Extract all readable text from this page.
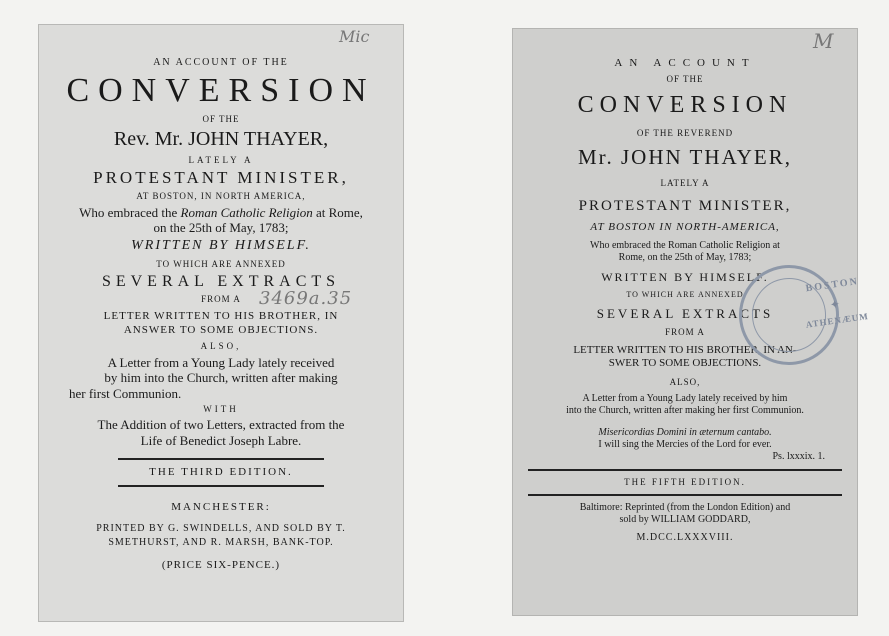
Mic
AN ACCOUNT OF THE
CONVERSION
OF THE
Rev. Mr. JOHN THAYER,
LATELY A
PROTESTANT MINISTER,
AT BOSTON, IN NORTH AMERICA,
Who embraced the Roman Catholic Religion at Rome,
on the 25th of May, 1783;
WRITTEN BY HIMSELF.
TO WHICH ARE ANNEXED
SEVERAL EXTRACTS
FROM A 3469a.35
LETTER WRITTEN TO HIS BROTHER, IN
ANSWER TO SOME OBJECTIONS.
ALSO,
A Letter from a Young Lady lately received
by him into the Church, written after making
her first Communion.
WITH
The Addition of two Letters, extracted from the
Life of Benedict Joseph Labre.
THE THIRD EDITION.
MANCHESTER:
PRINTED BY G. SWINDELLS, AND SOLD BY T.
SMETHURST, AND R. MARSH, BANK-TOP.
(PRICE SIX-PENCE.)
M
AN ACCOUNT
OF THE
CONVERSION
OF THE REVEREND
Mr. JOHN THAYER,
LATELY A
PROTESTANT MINISTER,
AT BOSTON IN NORTH-AMERICA,
Who embraced the Roman Catholic Religion at
Rome, on the 25th of May, 1783;
WRITTEN BY HIMSELF.
TO WHICH ARE ANNEXED
SEVERAL EXTRACTS
FROM A
LETTER WRITTEN TO HIS BROTHER, IN AN-
SWER TO SOME OBJECTIONS.
ALSO,
A Letter from a Young Lady lately received by him
into the Church, written after making her first Communion.
Misericordias Domini in æternum cantabo.
I will sing the Mercies of the Lord for ever.
Ps. lxxxix. 1.
THE FIFTH EDITION.
Baltimore: Reprinted (from the London Edition) and
sold by WILLIAM GODDARD,
M.DCC.LXXXVIII.
BOSTON
✦
ATHENÆUM
